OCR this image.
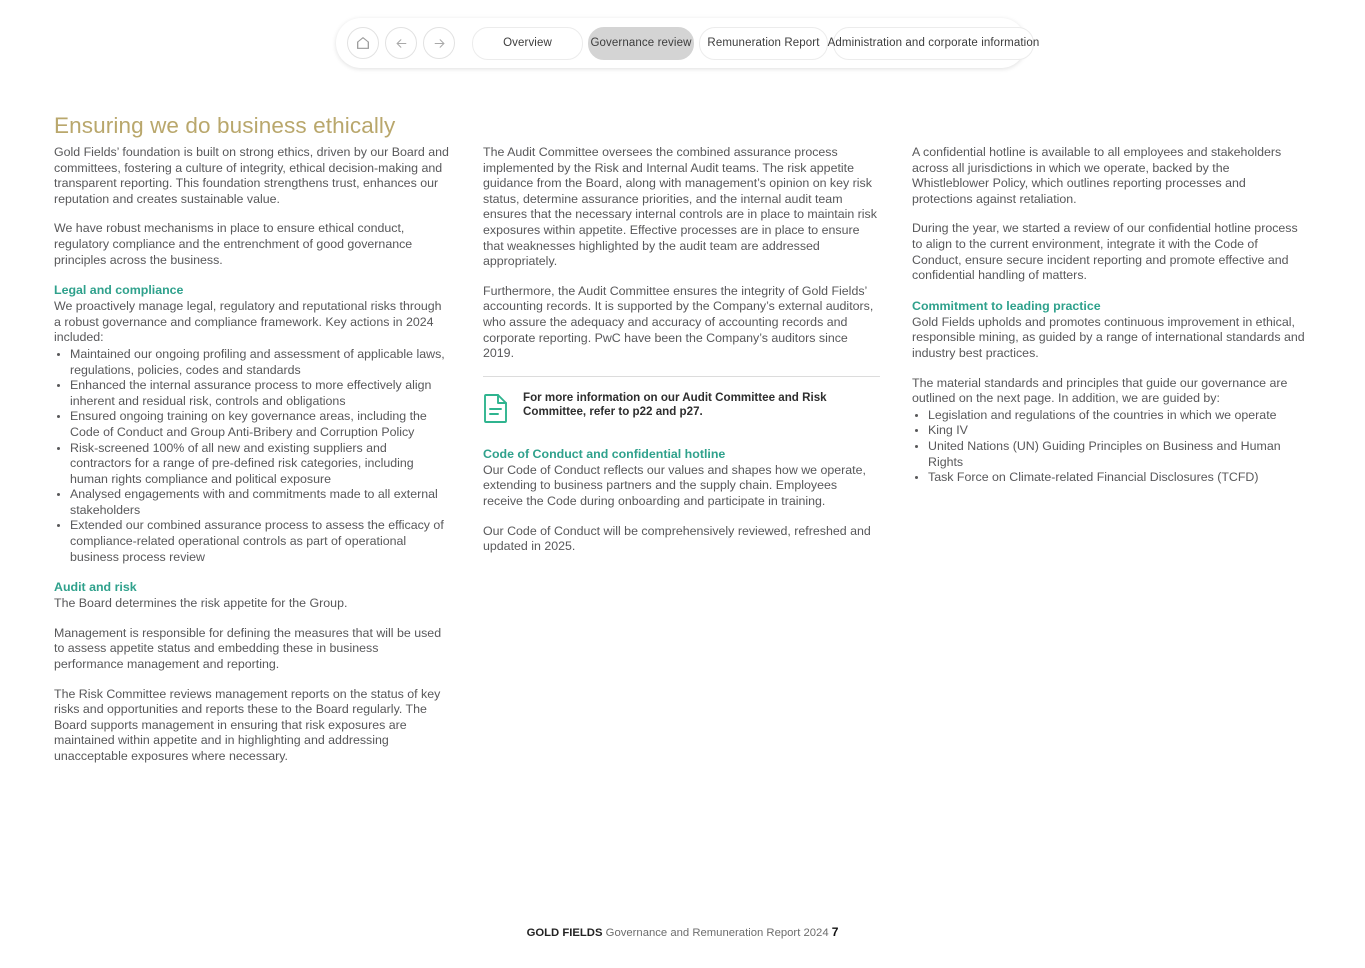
Overview	Governance review Remuneration Report Administration and corporate information
Ensuring we do business ethically

Gold Fields’ foundation is built on strong ethics, driven by our Board and committees, fostering a culture of integrity, ethical decision-making and transparent reporting. This foundation strengthens trust, enhances our reputation and creates sustainable value.

We have robust mechanisms in place to ensure ethical conduct, regulatory compliance and the entrenchment of good governance principles across the business.

Legal and compliance

We proactively manage legal, regulatory and reputational risks through a robust governance and compliance framework. Key actions in 2024 included:

Maintained our ongoing profiling and assessment of applicable laws, regulations, policies, codes and standards
Enhanced the internal assurance process to more effectively align inherent and residual risk, controls and obligations
Ensured ongoing training on key governance areas, including the Code of Conduct and Group Anti-Bribery and Corruption Policy
Risk-screened 100% of all new and existing suppliers and contractors for a range of pre-defined risk categories, including human rights compliance and political exposure
Analysed engagements with and commitments made to all external stakeholders
Extended our combined assurance process to assess the efficacy of compliance-related operational controls as part of operational business process review
Audit and risk

The Board determines the risk appetite for the Group.

Management is responsible for defining the measures that will be used to assess appetite status and embedding these in business performance management and reporting.

The Risk Committee reviews management reports on the status of key risks and opportunities and reports these to the Board regularly. The Board supports management in ensuring that risk exposures are maintained within appetite and in highlighting and addressing unacceptable exposures where necessary.

The Audit Committee oversees the combined assurance process implemented by the Risk and Internal Audit teams. The risk appetite guidance from the Board, along with management’s opinion on key risk status, determine assurance priorities, and the internal audit team ensures that the necessary internal controls are in place to maintain risk exposures within appetite. Effective processes are in place to ensure that weaknesses highlighted by the audit team are addressed appropriately.

Furthermore, the Audit Committee ensures the integrity of Gold Fields’ accounting records. It is supported by the Company’s external auditors, who assure the adequacy and accuracy of accounting records and corporate reporting. PwC have been the Company’s auditors since 2019.

For more information on our Audit Committee and Risk Committee, refer to p22 and p27.
Code of Conduct and confidential hotline

Our Code of Conduct reflects our values and shapes how we operate, extending to business partners and the supply chain. Employees receive the Code during onboarding and participate in training.

Our Code of Conduct will be comprehensively reviewed, refreshed and updated in 2025.

A confidential hotline is available to all employees and stakeholders across all jurisdictions in which we operate, backed by the Whistleblower Policy, which outlines reporting processes and protections against retaliation.

During the year, we started a review of our confidential hotline process to align to the current environment, integrate it with the Code of Conduct, ensure secure incident reporting and promote effective and confidential handling of matters.

Commitment to leading practice

Gold Fields upholds and promotes continuous improvement in ethical, responsible mining, as guided by a range of international standards and industry best practices.

The material standards and principles that guide our governance are outlined on the next page. In addition, we are guided by:

Legislation and regulations of the countries in which we operate
King IV
United Nations (UN) Guiding Principles on Business and Human Rights
Task Force on Climate-related Financial Disclosures (TCFD)
GOLD FIELDS Governance and Remuneration Report 2024 7
